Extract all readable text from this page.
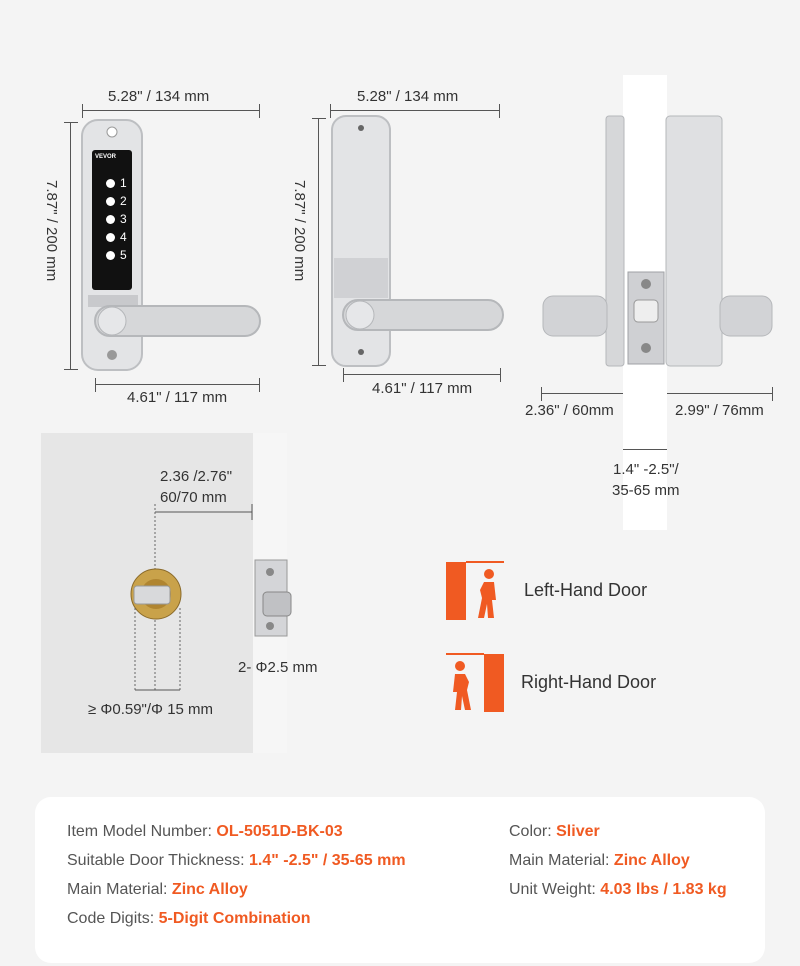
5.28" / 134 mm
7.87" / 200 mm
VEVOR
1
2
3
4
5
4.61" / 117 mm
5.28" / 134 mm
7.87" / 200 mm
4.61" / 117 mm
2.36" / 60mm	2.99" / 76mm
1.4" -2.5"/
35-65 mm
2.36 /2.76"
60/70 mm
2- Φ2.5 mm
≥ Φ0.59"/Φ 15 mm
Left-Hand Door
Right-Hand Door
Item Model Number: OL-5051D-BK-03
Suitable Door Thickness: 1.4" -2.5" / 35-65 mm
Main Material: Zinc Alloy
Code Digits: 5-Digit Combination
Color: Sliver
Main Material: Zinc Alloy
Unit Weight: 4.03 lbs / 1.83 kg
